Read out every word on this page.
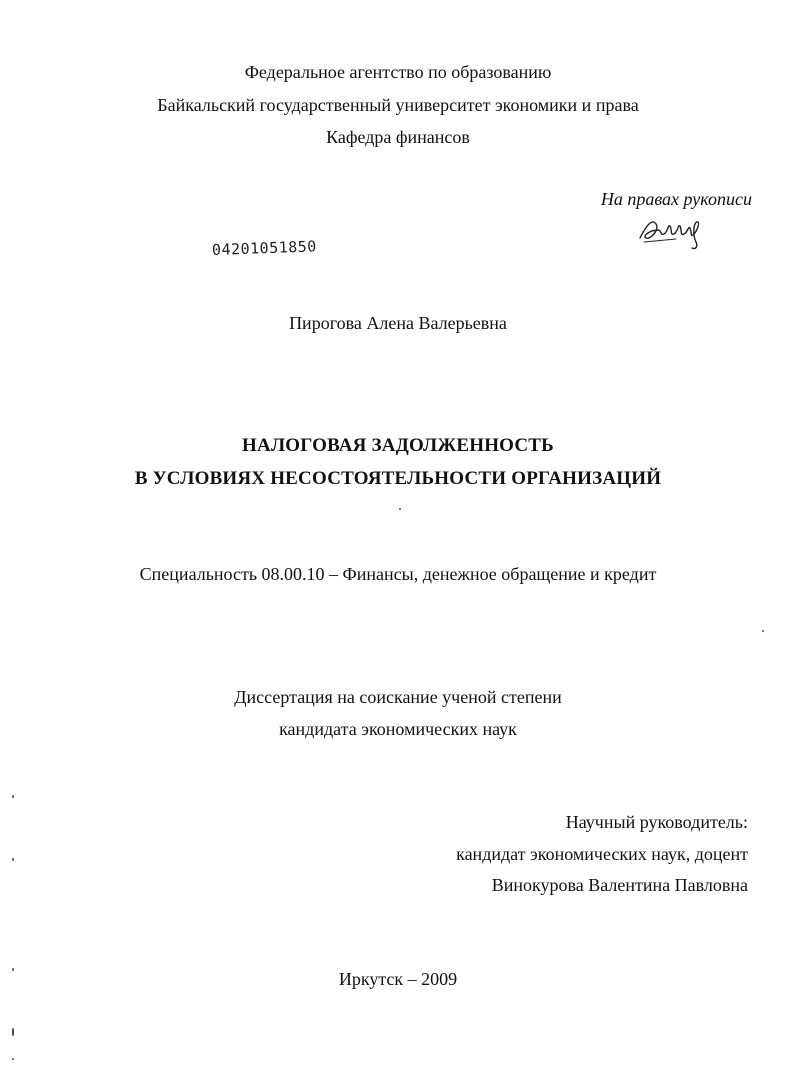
Федеральное агентство по образованию
Байкальский государственный университет экономики и права
Кафедра финансов
На правах рукописи
04201051850
Пирогова Алена Валерьевна
НАЛОГОВАЯ ЗАДОЛЖЕННОСТЬ
В УСЛОВИЯХ НЕСОСТОЯТЕЛЬНОСТИ ОРГАНИЗАЦИЙ
Специальность 08.00.10 – Финансы, денежное обращение и кредит
Диссертация на соискание ученой степени
кандидата экономических наук
Научный руководитель:
кандидат экономических наук, доцент
Винокурова Валентина Павловна
Иркутск – 2009
